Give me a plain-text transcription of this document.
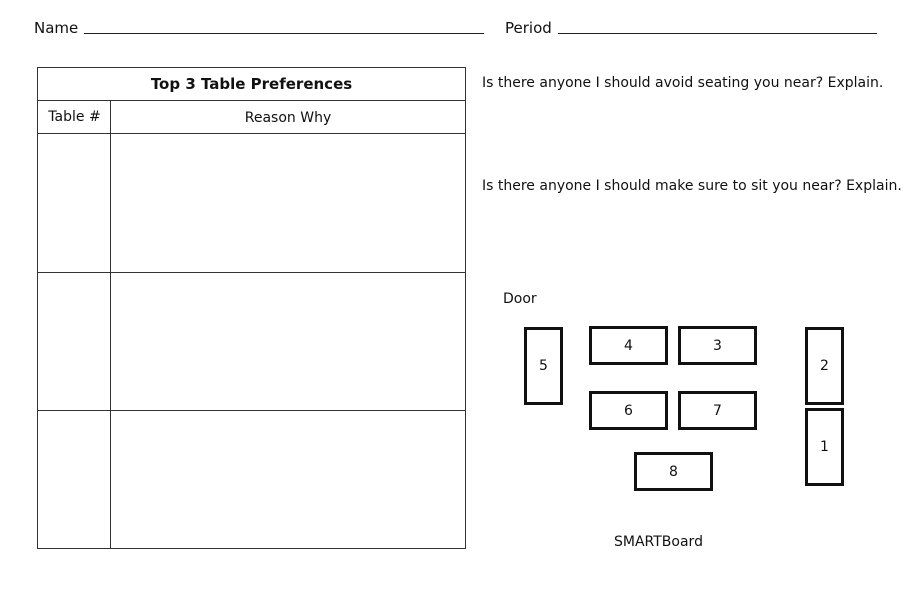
Name	Period
Top 3 Table Preferences
Table #	Reason Why
Is there anyone I should avoid seating you near? Explain.
Is there anyone I should make sure to sit you near? Explain.
Door
5
4	3
2
6	7
1
8
SMARTBoard
